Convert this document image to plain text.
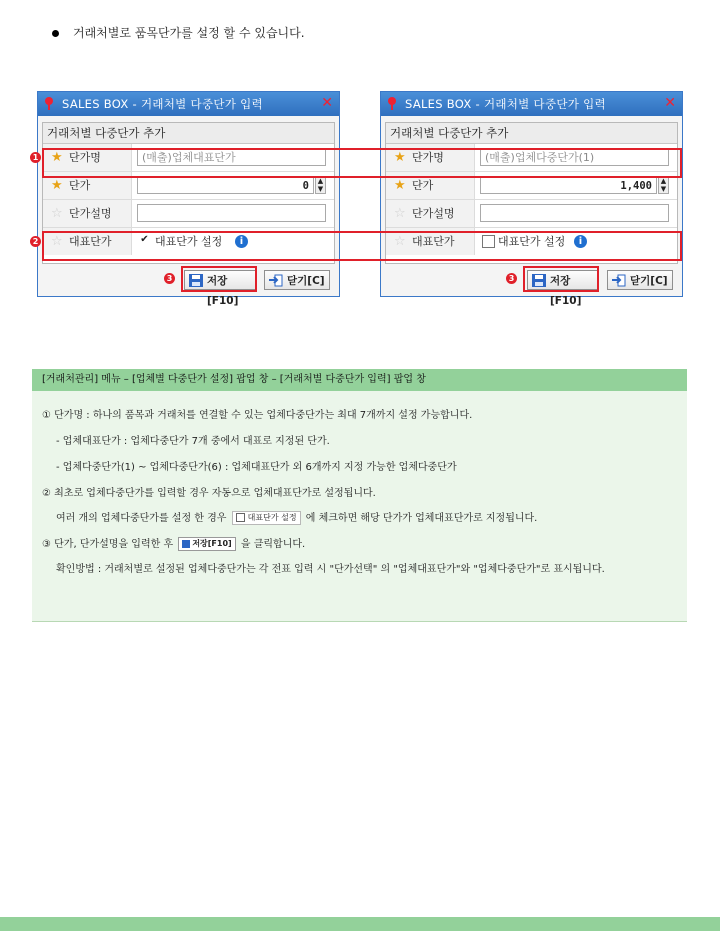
거래처별로 품목단가를 설정 할 수 있습니다.
SALES BOX - 거래처별 다중단가 입력	✕
거래처별 다중단가 추가
★ 단가명	(매출)업체대표단가
★ 단가	0	▲
▼
☆ 단가설명
☆ 대표단가	✔ 대표단가 설정	i
저장[F10]
닫기[C]
SALES BOX - 거래처별 다중단가 입력	✕
거래처별 다중단가 추가
★ 단가명	(매출)업체다중단가(1)
★ 단가	1,400	▲
▼
☆ 단가설명
☆ 대표단가	대표단가 설정	i
저장[F10]
닫기[C]
1
2
3	3
[거래처관리] 메뉴 – [업체별 다중단가 설정] 팝업 창 – [거래처별 다중단가 입력] 팝업 창
① 단가명 : 하나의 품목과 거래처를 연결할 수 있는 업체다중단가는 최대 7개까지 설정 가능합니다.
- 업체대표단가 : 업체다중단가 7개 중에서 대표로 지정된 단가.
- 업체다중단가(1) ~ 업체다중단가(6) : 업체대표단가 외 6개까지 지정 가능한 업체다중단가
② 최초로 업체다중단가를 입력할 경우 자동으로 업체대표단가로 설정됩니다.
여러 개의 업체다중단가를 설정 한 경우	대표단가 설정 에 체크하면 해당 단가가 업체대표단가로 지정됩니다.
③ 단가, 단가설명을 입력한 후 저장[F10] 을 클릭합니다.
확인방법 : 거래처별로 설정된 업체다중단가는 각 전표 입력 시 "단가선택" 의 "업체대표단가"와 "업체다중단가"로 표시됩니다.
